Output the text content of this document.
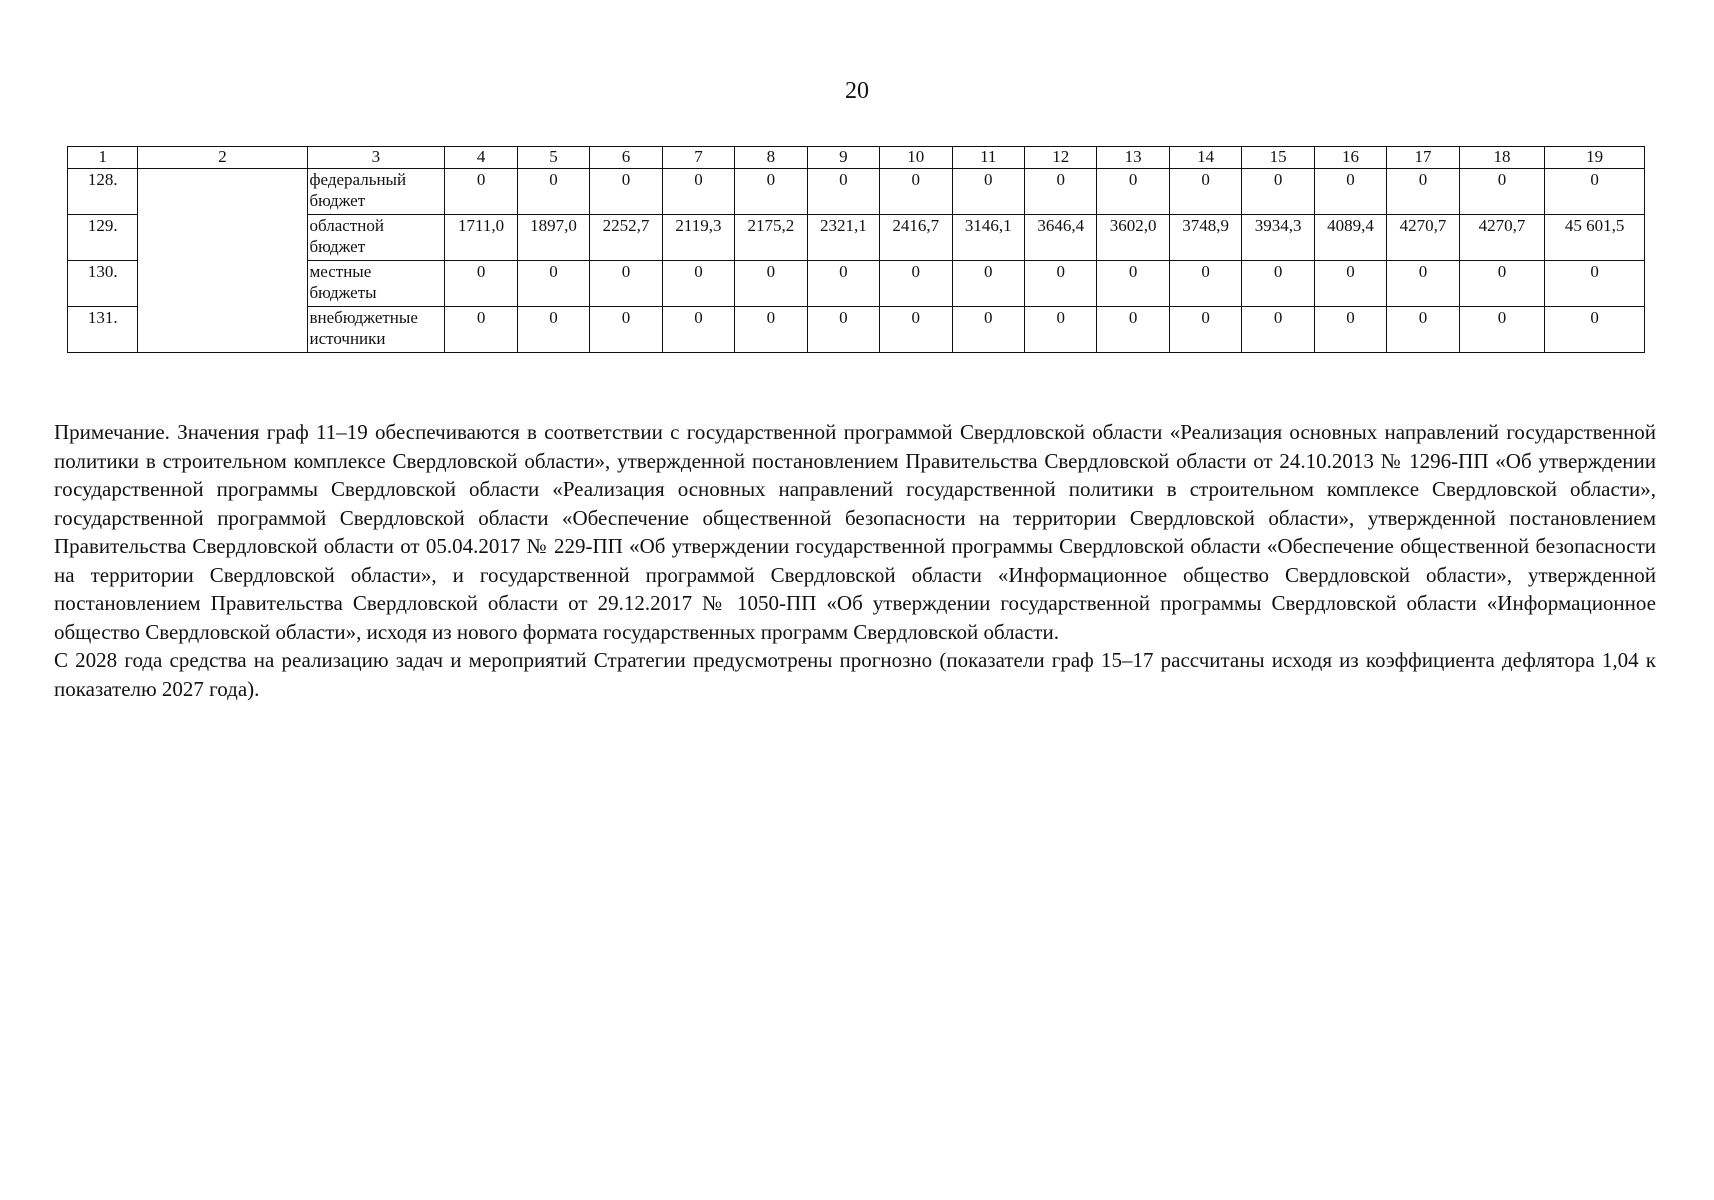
20
1	2	3	4	5	6	7	8	9	10	11	12	13	14	15	16	17	18	19
128.		федеральный бюджет	0	0	0	0	0	0	0	0	0	0	0	0	0	0	0	0
129.		областной бюджет	1711,0	1897,0	2252,7	2119,3	2175,2	2321,1	2416,7	3146,1	3646,4	3602,0	3748,9	3934,3	4089,4	4270,7	4270,7	45 601,5
130.		местные бюджеты	0	0	0	0	0	0	0	0	0	0	0	0	0	0	0	0
131.		внебюджетные источники	0	0	0	0	0	0	0	0	0	0	0	0	0	0	0	0

Примечание. Значения граф 11–19 обеспечиваются в соответствии с государственной программой Свердловской области «Реализация основных направлений государственной политики в строительном комплексе Свердловской области», утвержденной постановлением Правительства Свердловской области от 24.10.2013 № 1296-ПП «Об утверждении государственной программы Свердловской области «Реализация основных направлений государственной политики в строительном комплексе Свердловской области», государственной программой Свердловской области «Обеспечение общественной безопасности на территории Свердловской области», утвержденной постановлением Правительства Свердловской области от 05.04.2017 № 229-ПП «Об утверждении государственной программы Свердловской области «Обеспечение общественной безопасности на территории Свердловской области», и государственной программой Свердловской области «Информационное общество Свердловской области», утвержденной постановлением Правительства Свердловской области от 29.12.2017 № 1050-ПП «Об утверждении государственной программы Свердловской области «Информационное общество Свердловской области», исходя из нового формата государственных программ Свердловской области.

С 2028 года средства на реализацию задач и мероприятий Стратегии предусмотрены прогнозно (показатели граф 15–17 рассчитаны исходя из коэффициента дефлятора 1,04 к показателю 2027 года).
